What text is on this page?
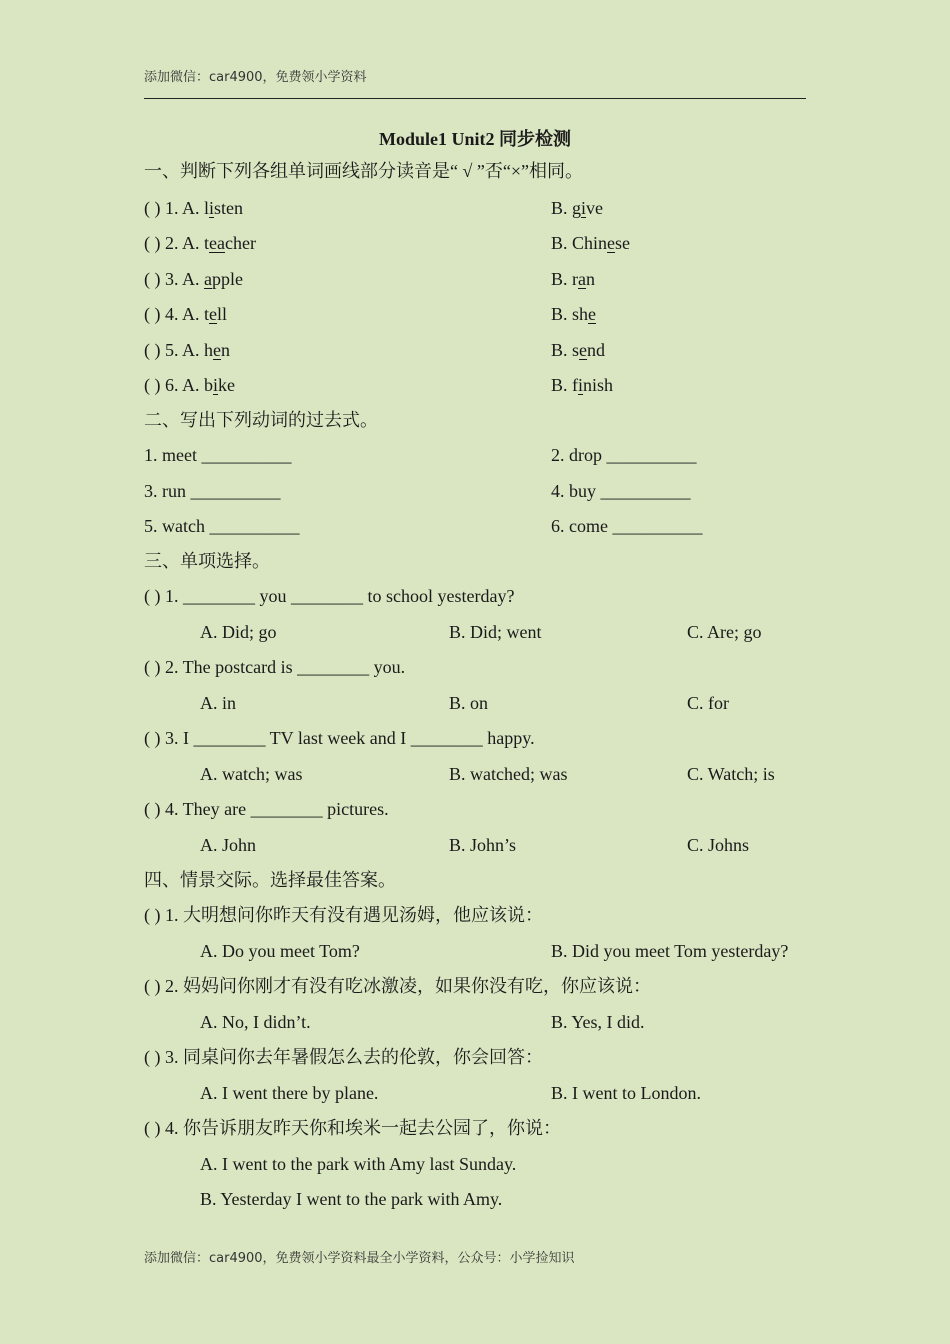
添加微信：car4900，免费领小学资料
Module1 Unit2 同步检测
一、判断下列各组单词画线部分读音是“ √ ”否“×”相同。
( ) 1. A. listen	B. give
( ) 2. A. teacher	B. Chinese
( ) 3. A. apple	B. ran
( ) 4. A. tell	B. she
( ) 5. A. hen	B. send
( ) 6. A. bike	B. finish
二、写出下列动词的过去式。
1. meet __________	2. drop __________
3. run __________	4. buy __________
5. watch __________	6. come __________
三、单项选择。
( ) 1. ________ you ________ to school yesterday?
A. Did; go	B. Did; went	C. Are; go
( ) 2. The postcard is ________ you.
A. in	B. on	C. for
( ) 3. I ________ TV last week and I ________ happy.
A. watch; was	B. watched; was	C. Watch; is
( ) 4. They are ________ pictures.
A. John	B. John’s	C. Johns
四、情景交际。选择最佳答案。
( ) 1. 大明想问你昨天有没有遇见汤姆，他应该说：
A. Do you meet Tom?	B. Did you meet Tom yesterday?
( ) 2. 妈妈问你刚才有没有吃冰激凌，如果你没有吃，你应该说：
A. No, I didn’t.	B. Yes, I did.
( ) 3. 同桌问你去年暑假怎么去的伦敦，你会回答：
A. I went there by plane.	B. I went to London.
( ) 4. 你告诉朋友昨天你和埃米一起去公园了，你说：
A. I went to the park with Amy last Sunday.
B. Yesterday I went to the park with Amy.
添加微信：car4900，免费领小学资料最全小学资料，公众号：小学捡知识
